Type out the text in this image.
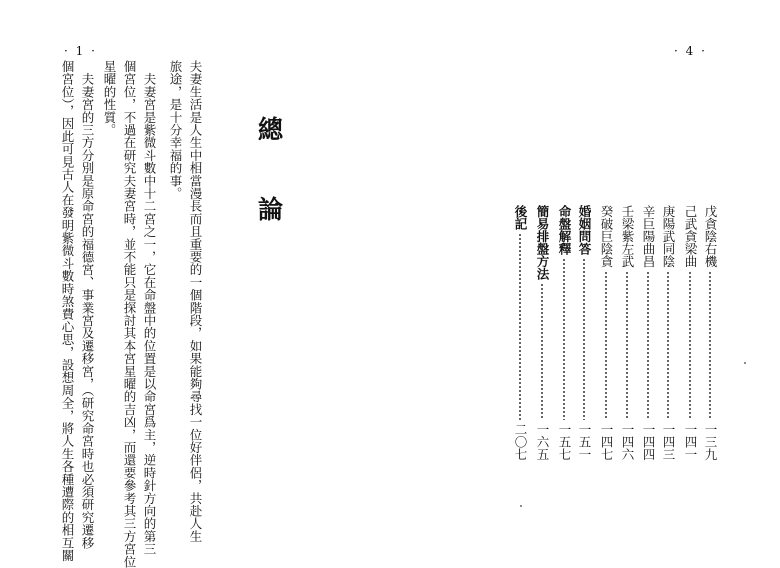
· 1 ·
夫妻生活是人生中相當漫長而且重要的一個階段，如果能夠尋找一位好伴侶，共赴人生
旅途，是十分幸福的事。
　夫妻宮是紫微斗數中十二宮之一，它在命盤中的位置是以命宮爲主，逆時針方向的第三
個宮位，不過在研究夫妻宮時，並不能只是探討其本宮星曜的吉凶，而還要參考其三方宮位
星曜的性質。
　夫妻宮的三方分別是原命宮的福德宮、事業宮及遷移宮，（研究命宮時也必須研究遷移
個宮位），因此可見古人在發明紫微斗數時煞費心思，設想周全，將人生各種遭際的相互關	總
論
· 4 ·
戊貪陰右機
一三九
己武貪梁曲
一四一
庚陽武同陰
一四三
辛巨陽曲昌
一四四
壬梁紫左武
一四六
癸破巨陰貪
一四七
婚姻問答
一五一
命盤解釋
一五七
簡易排盤方法
一六五
後記
二〇七
